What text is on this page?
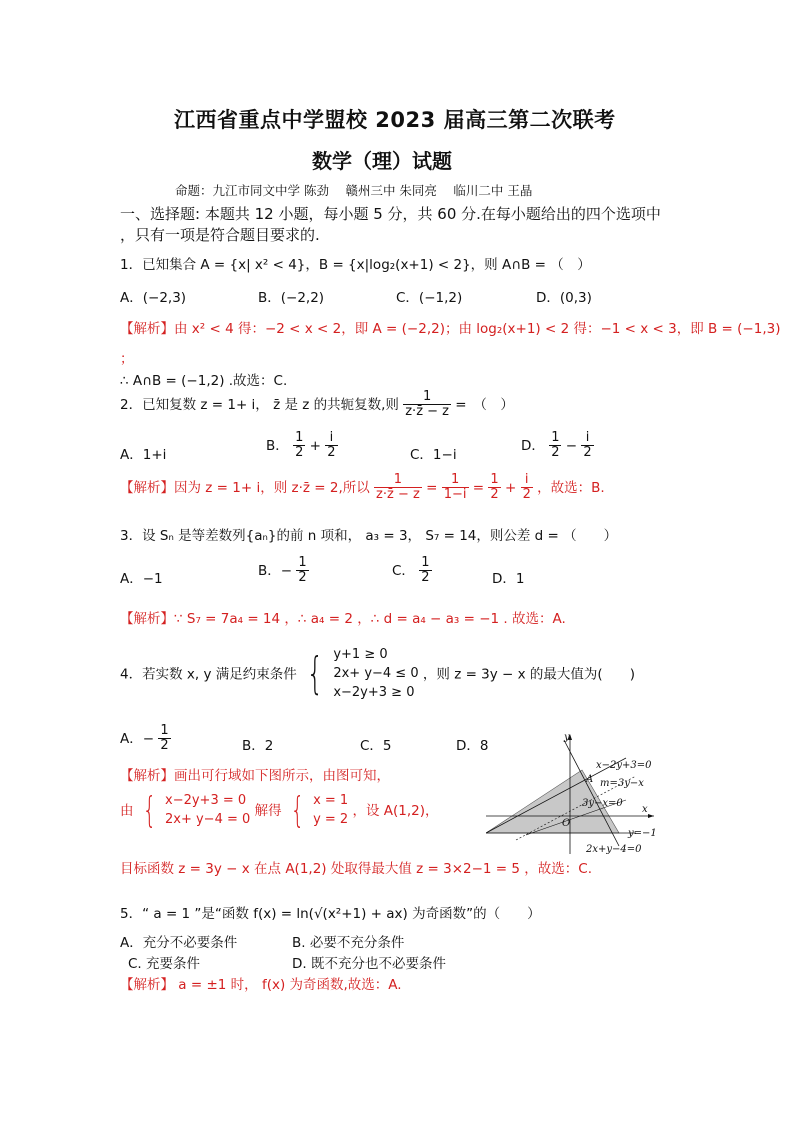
江西省重点中学盟校 2023 届高三第二次联考
数学（理）试题
命题：九江市同文中学 陈劲　 赣州三中 朱同亮　 临川二中 王晶
一、选择题: 本题共 12 小题，每小题 5 分，共 60 分.在每小题给出的四个选项中
，只有一项是符合题目要求的.
1．已知集合 A = {x| x² < 4}，B = {x|log₂(x+1) < 2}，则 A∩B = （　）
A．(−2,3)	B．(−2,2)	C．(−1,2)	D．(0,3)
【解析】由 x² < 4 得：−2 < x < 2，即 A = (−2,2)；由 log₂(x+1) < 2 得：−1 < x < 3，即 B = (−1,3)
；
∴ A∩B = (−1,2) .故选：C.
2．已知复数 z = 1+ i， z̄ 是 z 的共轭复数,则 $\frac{1}{z\cdot z̄ - z}$ =　（　）
A．1+i
B． $\frac{1}{2} + \frac{i}{2}$	C．1−i
D． $\frac{1}{2} - \frac{i}{2}$
【解析】因为 z = 1+ i，则 z·z̄ = 2,所以 $\frac{1}{z\cdot z̄ - z} = \frac{1}{1-i} = \frac{1}{2} + \frac{i}{2}$ ，故选：B.
3．设 Sₙ 是等差数列{aₙ}的前 n 项和， a₃ = 3， S₇ = 14，则公差 d = （　　）
A．−1
B．− $\frac{1}{2}$	C． $\frac{1}{2}$	D．1
【解析】∵ S₇ = 7a₄ = 14 ，∴ a₄ = 2 ，∴ d = a₄ − a₃ = −1 . 故选：A.
4．若实数 x, y 满足约束条件 { y+1 ≥ 0
2x+ y−4 ≤ 0
x−2y+3 ≥ 0
，则 z = 3y − x 的最大值为(　　)
A．− $\frac{1}{2}$	B．2	C．5	D．8
【解析】画出可行域如下图所示，由图可知，
由 { x−2y+3 = 0
2x+ y−4 = 0
解得 { x = 1
y = 2
，设 A(1,2)，
目标函数 z = 3y − x 在点 A(1,2) 处取得最大值 z = 3×2−1 = 5 ，故选：C.
y
x
O
A
x−2y+3=0
m=3y−x
3y−x=0
y=−1
2x+y−4=0
5．“ a = 1 ”是“函数 f(x) = ln(√(x²+1) + ax) 为奇函数”的（　　）
A．充分不必要条件	B. 必要不充分条件
C. 充要条件	D. 既不充分也不必要条件
【解析】 a = ±1 时， f(x) 为奇函数,故选：A.
